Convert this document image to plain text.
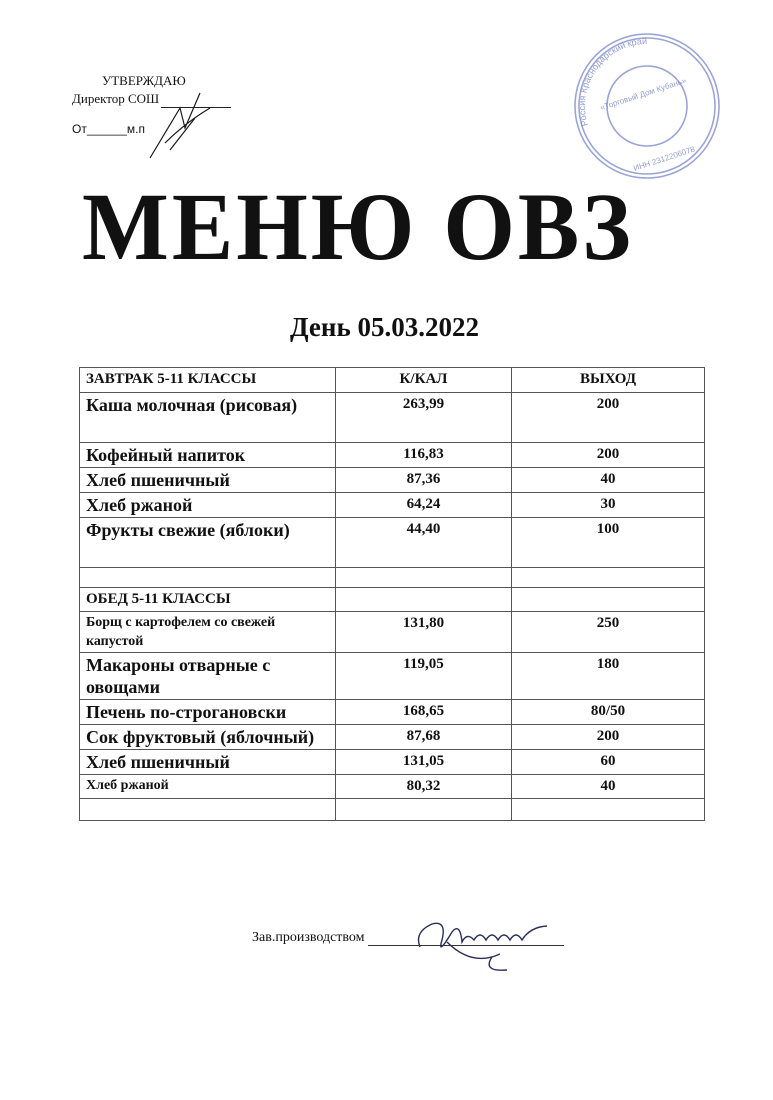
УТВЕРЖДАЮ
Директор СОШ
От______м.п	Россия Краснодарский край
«Торговый Дом Кубань»
ИНН 2312206078
МЕНЮ ОВЗ
День 05.03.2022
ЗАВТРАК 5-11 КЛАССЫ	К/КАЛ	ВЫХОД
Каша молочная (рисовая)	263,99	200
Кофейный напиток	116,83	200
Хлеб пшеничный	87,36	40
Хлеб ржаной	64,24	30
Фрукты свежие (яблоки)	44,40	100

ОБЕД 5-11 КЛАССЫ		
Борщ с картофелем со свежей капустой	131,80	250
Макароны отварные с овощами	119,05	180
Печень по-строгановски	168,65	80/50
Сок фруктовый (яблочный)	87,68	200
Хлеб пшеничный	131,05	60
Хлеб ржаной	80,32	40

Зав.производством
